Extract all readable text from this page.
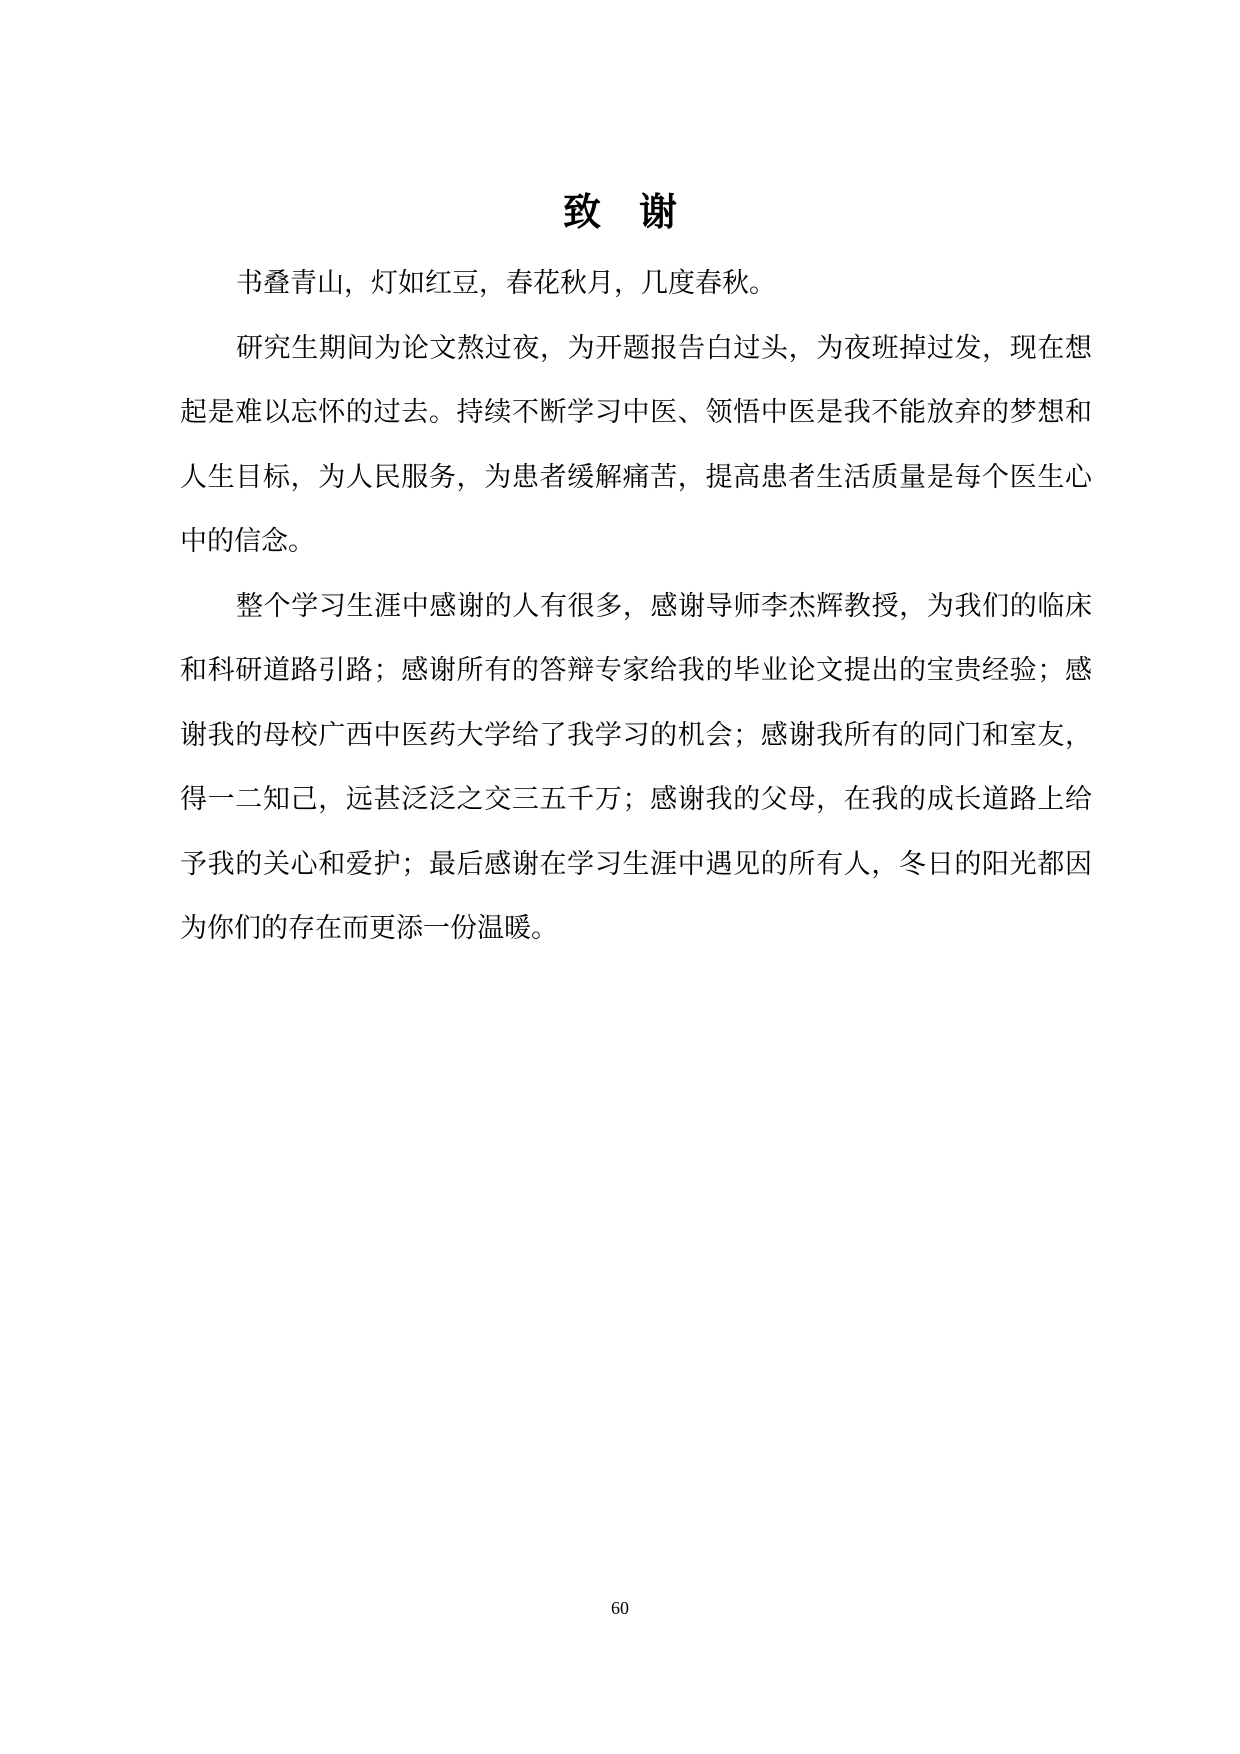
致谢

书叠青山，灯如红豆，春花秋月，几度春秋。

研究生期间为论文熬过夜，为开题报告白过头，为夜班掉过发，现在想起是难以忘怀的过去。持续不断学习中医、领悟中医是我不能放弃的梦想和人生目标，为人民服务，为患者缓解痛苦，提高患者生活质量是每个医生心中的信念。

整个学习生涯中感谢的人有很多，感谢导师李杰辉教授，为我们的临床和科研道路引路；感谢所有的答辩专家给我的毕业论文提出的宝贵经验；感谢我的母校广西中医药大学给了我学习的机会；感谢我所有的同门和室友，得一二知己，远甚泛泛之交三五千万；感谢我的父母，在我的成长道路上给予我的关心和爱护；最后感谢在学习生涯中遇见的所有人，冬日的阳光都因为你们的存在而更添一份温暖。

60
